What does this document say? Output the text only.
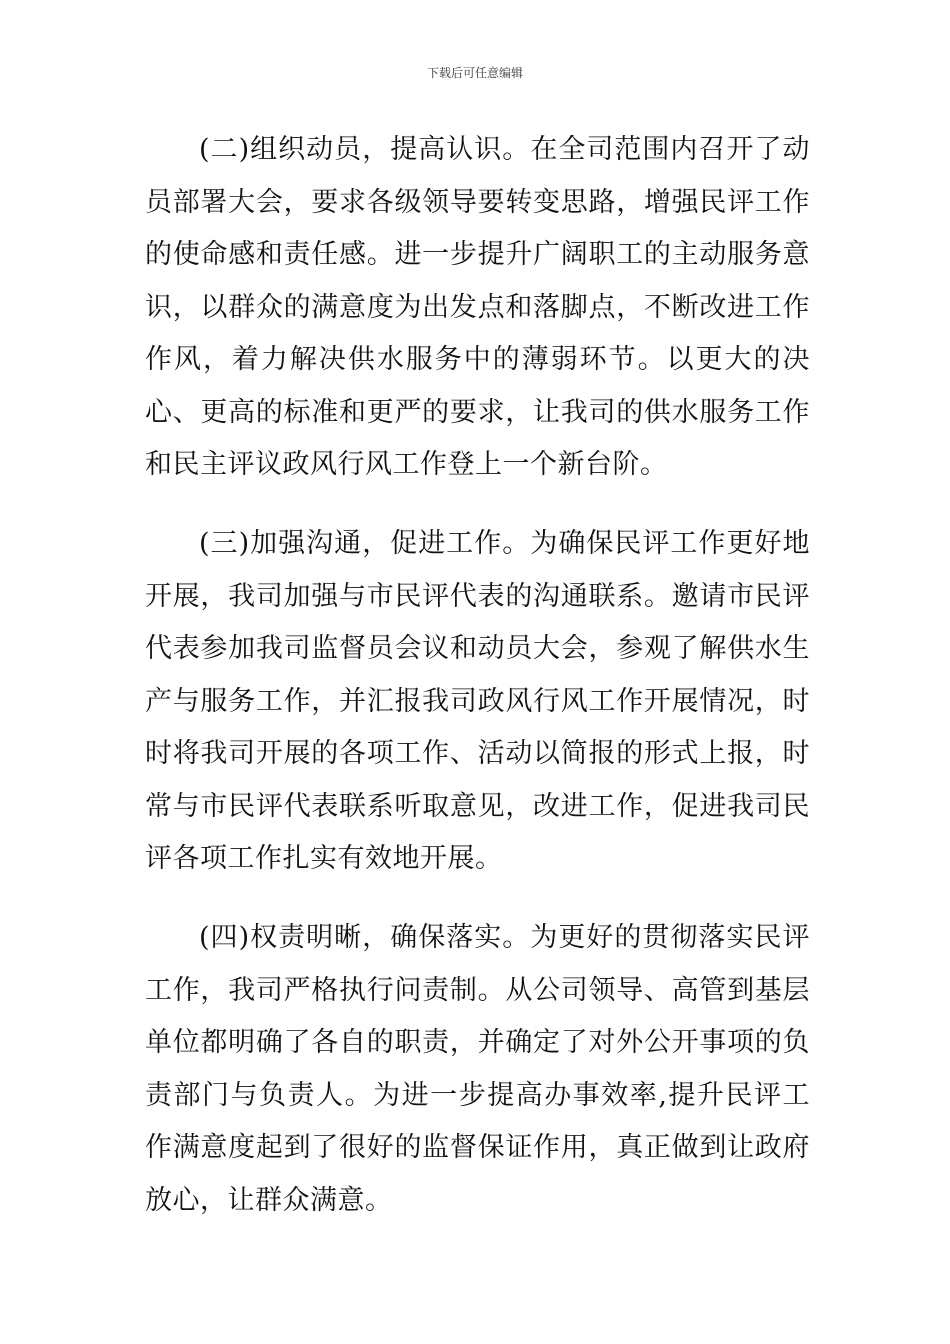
下载后可任意编辑

(二)组织动员，提高认识。在全司范围内召开了动员部署大会，要求各级领导要转变思路，增强民评工作的使命感和责任感。进一步提升广阔职工的主动服务意识，以群众的满意度为出发点和落脚点，不断改进工作作风，着力解决供水服务中的薄弱环节。以更大的决心、更高的标准和更严的要求，让我司的供水服务工作和民主评议政风行风工作登上一个新台阶。

(三)加强沟通，促进工作。为确保民评工作更好地开展，我司加强与市民评代表的沟通联系。邀请市民评代表参加我司监督员会议和动员大会，参观了解供水生产与服务工作，并汇报我司政风行风工作开展情况，时时将我司开展的各项工作、活动以简报的形式上报，时常与市民评代表联系听取意见，改进工作，促进我司民评各项工作扎实有效地开展。

(四)权责明晰，确保落实。为更好的贯彻落实民评工作，我司严格执行问责制。从公司领导、高管到基层单位都明确了各自的职责，并确定了对外公开事项的负责部门与负责人。为进一步提高办事效率,提升民评工作满意度起到了很好的监督保证作用，真正做到让政府放心，让群众满意。
